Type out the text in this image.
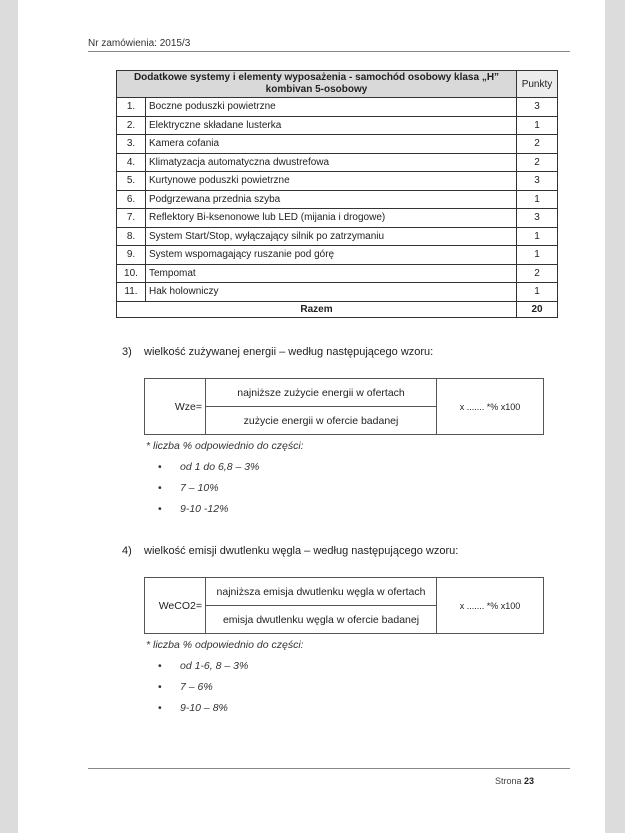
Nr zamówienia: 2015/3
Dodatkowe systemy i elementy wyposażenia - samochód osobowy klasa „H” kombivan 5-osobowy		Punkty
1.	Boczne poduszki powietrzne	3
2.	Elektryczne składane lusterka	1
3.	Kamera cofania	2
4.	Klimatyzacja automatyczna dwustrefowa	2
5.	Kurtynowe poduszki powietrzne	3
6.	Podgrzewana przednia szyba	1
7.	Reflektory Bi-ksenonowe lub LED (mijania i drogowe)	3
8.	System Start/Stop, wyłączający silnik po zatrzymaniu	1
9.	System wspomagający ruszanie pod górę	1
10.	Tempomat	2
11.	Hak holowniczy	1
Razem		20
3) wielkość zużywanej energii – według następującego wzoru:
Wze=	najniższe zużycie energii w ofertach	x ....... *% x100
zużycie energii w ofercie badanej
* liczba % odpowiednio do części:
• od 1 do 6,8 – 3%
• 7 – 10%
• 9-10 -12%
4) wielkość emisji dwutlenku węgla – według następującego wzoru:
WeCO2=	najniższa emisja dwutlenku węgla w ofertach	x ....... *% x100
emisja dwutlenku węgla w ofercie badanej
* liczba % odpowiednio do części:
• od 1-6, 8 – 3%
• 7 – 6%
• 9-10 – 8%
Strona 23
